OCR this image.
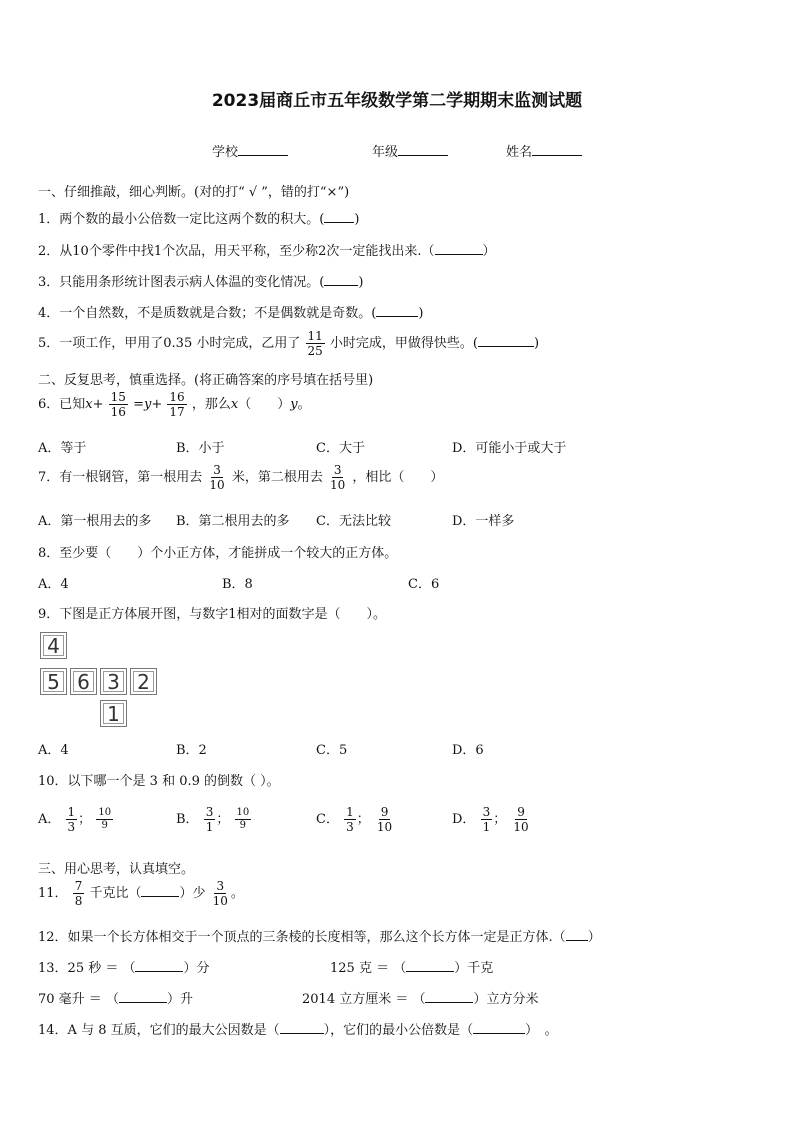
2023届商丘市五年级数学第二学期期末监测试题
学校	年级	姓名
一、仔细推敲，细心判断。(对的打“ √ ”，错的打“×”)
1．两个数的最小公倍数一定比这两个数的积大。( )
2．从10个零件中找1个次品，用天平称，至少称2次一定能找出来.（	）
3．只能用条形统计图表示病人体温的变化情况。(	)
4．一个自然数，不是质数就是合数；不是偶数就是奇数。(	)
5．一项工作，甲用了0.35 小时完成，乙用了 $\frac{11}{25}$ 小时完成，甲做得快些。(	)
二、反复思考，慎重选择。(将正确答案的序号填在括号里)
6．已知$x+ \frac{15}{16} =y+ \frac{16}{17}$ ，那么x（　　）y。
A．等于	B．小于	C．大于	D．可能小于或大于
7．有一根钢管，第一根用去 $\frac{3}{10}$ 米，第二根用去 $\frac{3}{10}$ ，相比（　　）
A．第一根用去的多 B．第二根用去的多 C．无法比较	D．一样多
8．至少要（　　）个小正方体，才能拼成一个较大的正方体。
A．4	B．8	C．6
9．下图是正方体展开图，与数字1相对的面数字是（　　）。
4
5 6 3 2
1
A．4	B．2	C．5	D．6
10．以下哪一个是 3 和 0.9 的倒数（ ）。
A． $\frac{1}{3}$ ； $\frac{10}{9}$	B． $\frac{3}{1}$ ； $\frac{10}{9}$	C． $\frac{1}{3}$ ； $\frac{9}{10}$	D． $\frac{3}{1}$ ； $\frac{9}{10}$
三、用心思考，认真填空。
11． $\frac{7}{8}$ 千克比（	）少 $\frac{3}{10}$ 。
12．如果一个长方体相交于一个顶点的三条棱的长度相等，那么这个长方体一定是正方体.（ ）
13．25 秒 ＝ （	）分	125 克 ＝ （	）千克
70 毫升 ＝ （	）升	2014 立方厘米 ＝ （	）立方分米
14．A 与 8 互质，它们的最大公因数是（	），它们的最小公倍数是（	）　。
